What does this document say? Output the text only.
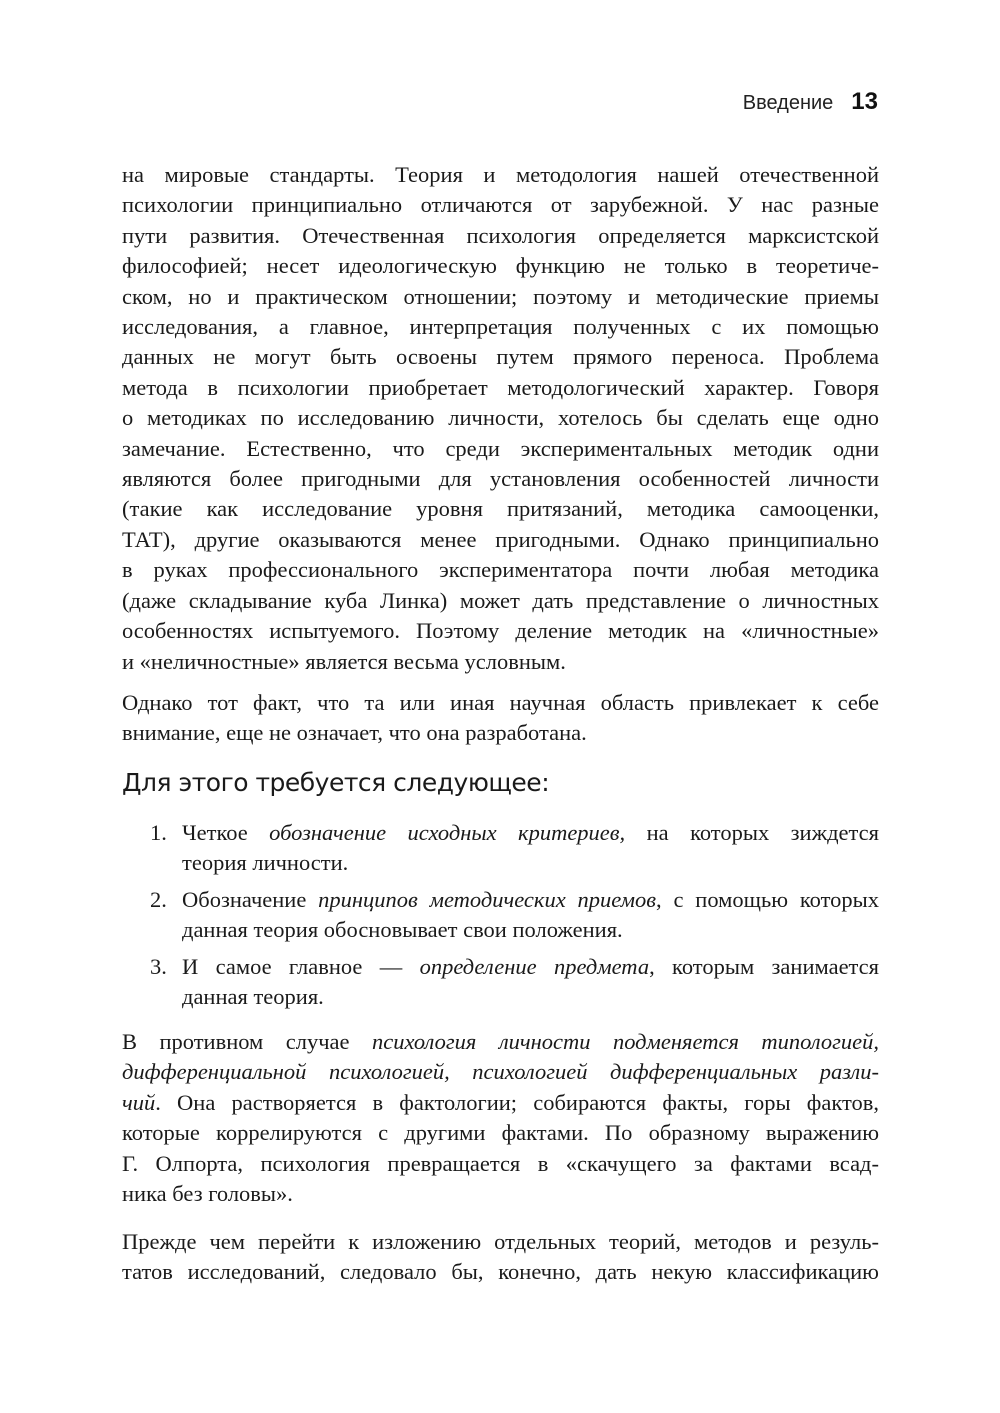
Введение 13
на мировые стандарты. Теория и методология нашей отечественной
психологии принципиально отличаются от зарубежной. У нас разные
пути развития. Отечественная психология определяется марксистской
философией; несет идеологическую функцию не только в теоретиче-
ском, но и практическом отношении; поэтому и методические приемы
исследования, а главное, интерпретация полученных с их помощью
данных не могут быть освоены путем прямого переноса. Проблема
метода в психологии приобретает методологический характер. Говоря
о методиках по исследованию личности, хотелось бы сделать еще одно
замечание. Естественно, что среди экспериментальных методик одни
являются более пригодными для установления особенностей личности
(такие как исследование уровня притязаний, методика самооценки,
ТАТ), другие оказываются менее пригодными. Однако принципиально
в руках профессионального экспериментатора почти любая методика
(даже складывание куба Линка) может дать представление о личностных
особенностях испытуемого. Поэтому деление методик на «личностные»
и «неличностные» является весьма условным.
Однако тот факт, что та или иная научная область привлекает к себе
внимание, еще не означает, что она разработана.
Для этого требуется следующее:
1. Четкое обозначение исходных критериев, на которых зиждется
теория личности.
2. Обозначение принципов методических приемов, с помощью которых
данная теория обосновывает свои положения.
3. И самое главное — определение предмета, которым занимается
данная теория.
В противном случае психология личности подменяется типологией,
дифференциальной психологией, психологией дифференциальных разли-
чий. Она растворяется в фактологии; собираются факты, горы фактов,
которые коррелируются с другими фактами. По образному выражению
Г. Олпорта, психология превращается в «скачущего за фактами всад-
ника без головы».
Прежде чем перейти к изложению отдельных теорий, методов и резуль-
татов исследований, следовало бы, конечно, дать некую классификацию
